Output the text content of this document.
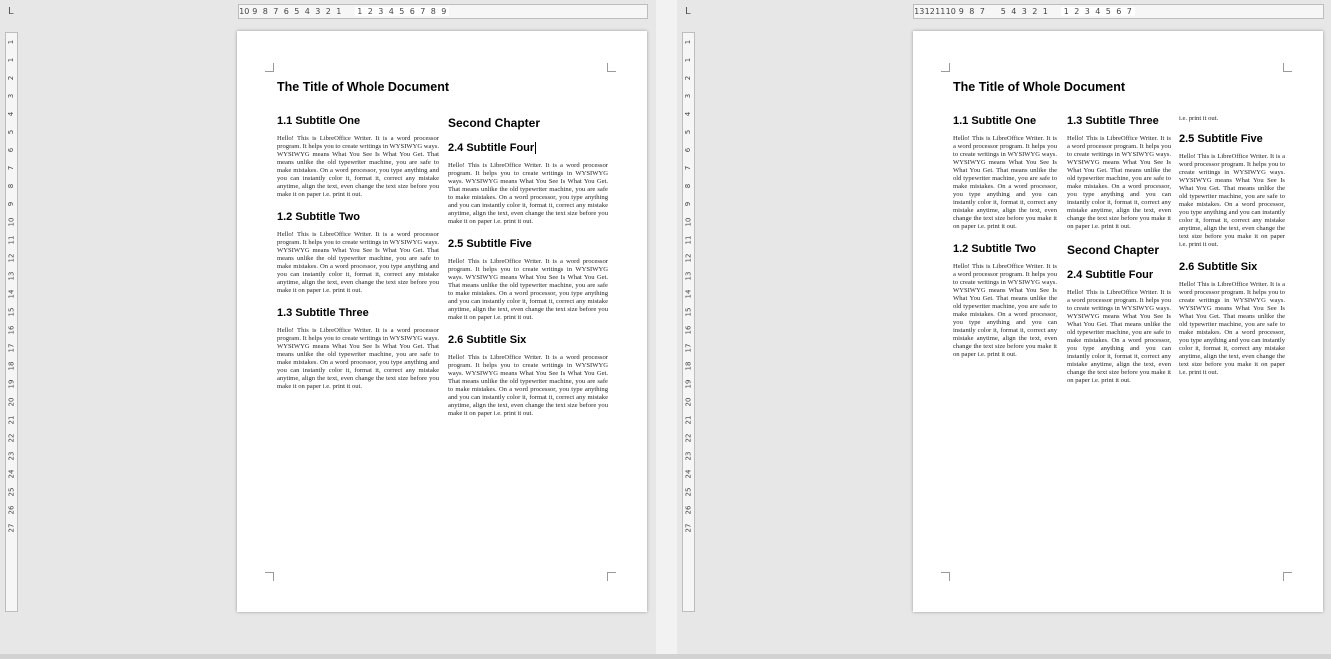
L	10 9 8 7 6 5 4 3 2 1	1 2 3 4 5 6 7 8 9
1
1
2
3
4
5
6
7
8
9
10
11
12
13
14
15
16
17
18
19
20
21
22
23
24
25
26
27
The Title of Whole Document
1.1 Subtitle One

Hello! This is LibreOffice Writer. It is a word processor program. It helps you to create writings in WYSIWYG ways. WYSIWYG means What You See Is What You Get. That means unlike the old typewriter machine, you are safe to make mistakes. On a word processor, you type anything and you can instantly color it, format it, correct any mistake anytime, align the text, even change the text size before you make it on paper i.e. print it out.

1.2 Subtitle Two

Hello! This is LibreOffice Writer. It is a word processor program. It helps you to create writings in WYSIWYG ways. WYSIWYG means What You See Is What You Get. That means unlike the old typewriter machine, you are safe to make mistakes. On a word processor, you type anything and you can instantly color it, format it, correct any mistake anytime, align the text, even change the text size before you make it on paper i.e. print it out.

1.3 Subtitle Three

Hello! This is LibreOffice Writer. It is a word processor program. It helps you to create writings in WYSIWYG ways. WYSIWYG means What You See Is What You Get. That means unlike the old typewriter machine, you are safe to make mistakes. On a word processor, you type anything and you can instantly color it, format it, correct any mistake anytime, align the text, even change the text size before you make it on paper i.e. print it out.

Second Chapter
2.4 Subtitle Four

Hello! This is LibreOffice Writer. It is a word processor program. It helps you to create writings in WYSIWYG ways. WYSIWYG means What You See Is What You Get. That means unlike the old typewriter machine, you are safe to make mistakes. On a word processor, you type anything and you can instantly color it, format it, correct any mistake anytime, align the text, even change the text size before you make it on paper i.e. print it out.

2.5 Subtitle Five

Hello! This is LibreOffice Writer. It is a word processor program. It helps you to create writings in WYSIWYG ways. WYSIWYG means What You See Is What You Get. That means unlike the old typewriter machine, you are safe to make mistakes. On a word processor, you type anything and you can instantly color it, format it, correct any mistake anytime, align the text, even change the text size before you make it on paper i.e. print it out.

2.6 Subtitle Six

Hello! This is LibreOffice Writer. It is a word processor program. It helps you to create writings in WYSIWYG ways. WYSIWYG means What You See Is What You Get. That means unlike the old typewriter machine, you are safe to make mistakes. On a word processor, you type anything and you can instantly color it, format it, correct any mistake anytime, align the text, even change the text size before you make it on paper i.e. print it out.

L	13 12 11 10 9 8 7	5 4 3 2 1	1 2 3 4 5 6 7
1
1
2
3
4
5
6
7
8
9
10
11
12
13
14
15
16
17
18
19
20
21
22
23
24
25
26
27
The Title of Whole Document
1.1 Subtitle One

Hello! This is LibreOffice Writer. It is a word processor program. It helps you to create writings in WYSIWYG ways. WYSIWYG means What You See Is What You Get. That means unlike the old typewriter machine, you are safe to make mistakes. On a word processor, you type anything and you can instantly color it, format it, correct any mistake anytime, align the text, even change the text size before you make it on paper i.e. print it out.

1.2 Subtitle Two

Hello! This is LibreOffice Writer. It is a word processor program. It helps you to create writings in WYSIWYG ways. WYSIWYG means What You See Is What You Get. That means unlike the old typewriter machine, you are safe to make mistakes. On a word processor, you type anything and you can instantly color it, format it, correct any mistake anytime, align the text, even change the text size before you make it on paper i.e. print it out.

1.3 Subtitle Three

Hello! This is LibreOffice Writer. It is a word processor program. It helps you to create writings in WYSIWYG ways. WYSIWYG means What You See Is What You Get. That means unlike the old typewriter machine, you are safe to make mistakes. On a word processor, you type anything and you can instantly color it, format it, correct any mistake anytime, align the text, even change the text size before you make it on paper i.e. print it out.

Second Chapter
2.4 Subtitle Four

Hello! This is LibreOffice Writer. It is a word processor program. It helps you to create writings in WYSIWYG ways. WYSIWYG means What You See Is What You Get. That means unlike the old typewriter machine, you are safe to make mistakes. On a word processor, you type anything and you can instantly color it, format it, correct any mistake anytime, align the text, even change the text size before you make it on paper i.e. print it out.

i.e. print it out.

2.5 Subtitle Five

Hello! This is LibreOffice Writer. It is a word processor program. It helps you to create writings in WYSIWYG ways. WYSIWYG means What You See Is What You Get. That means unlike the old typewriter machine, you are safe to make mistakes. On a word processor, you type anything and you can instantly color it, format it, correct any mistake anytime, align the text, even change the text size before you make it on paper i.e. print it out.

2.6 Subtitle Six

Hello! This is LibreOffice Writer. It is a word processor program. It helps you to create writings in WYSIWYG ways. WYSIWYG means What You See Is What You Get. That means unlike the old typewriter machine, you are safe to make mistakes. On a word processor, you type anything and you can instantly color it, format it, correct any mistake anytime, align the text, even change the text size before you make it on paper i.e. print it out.
